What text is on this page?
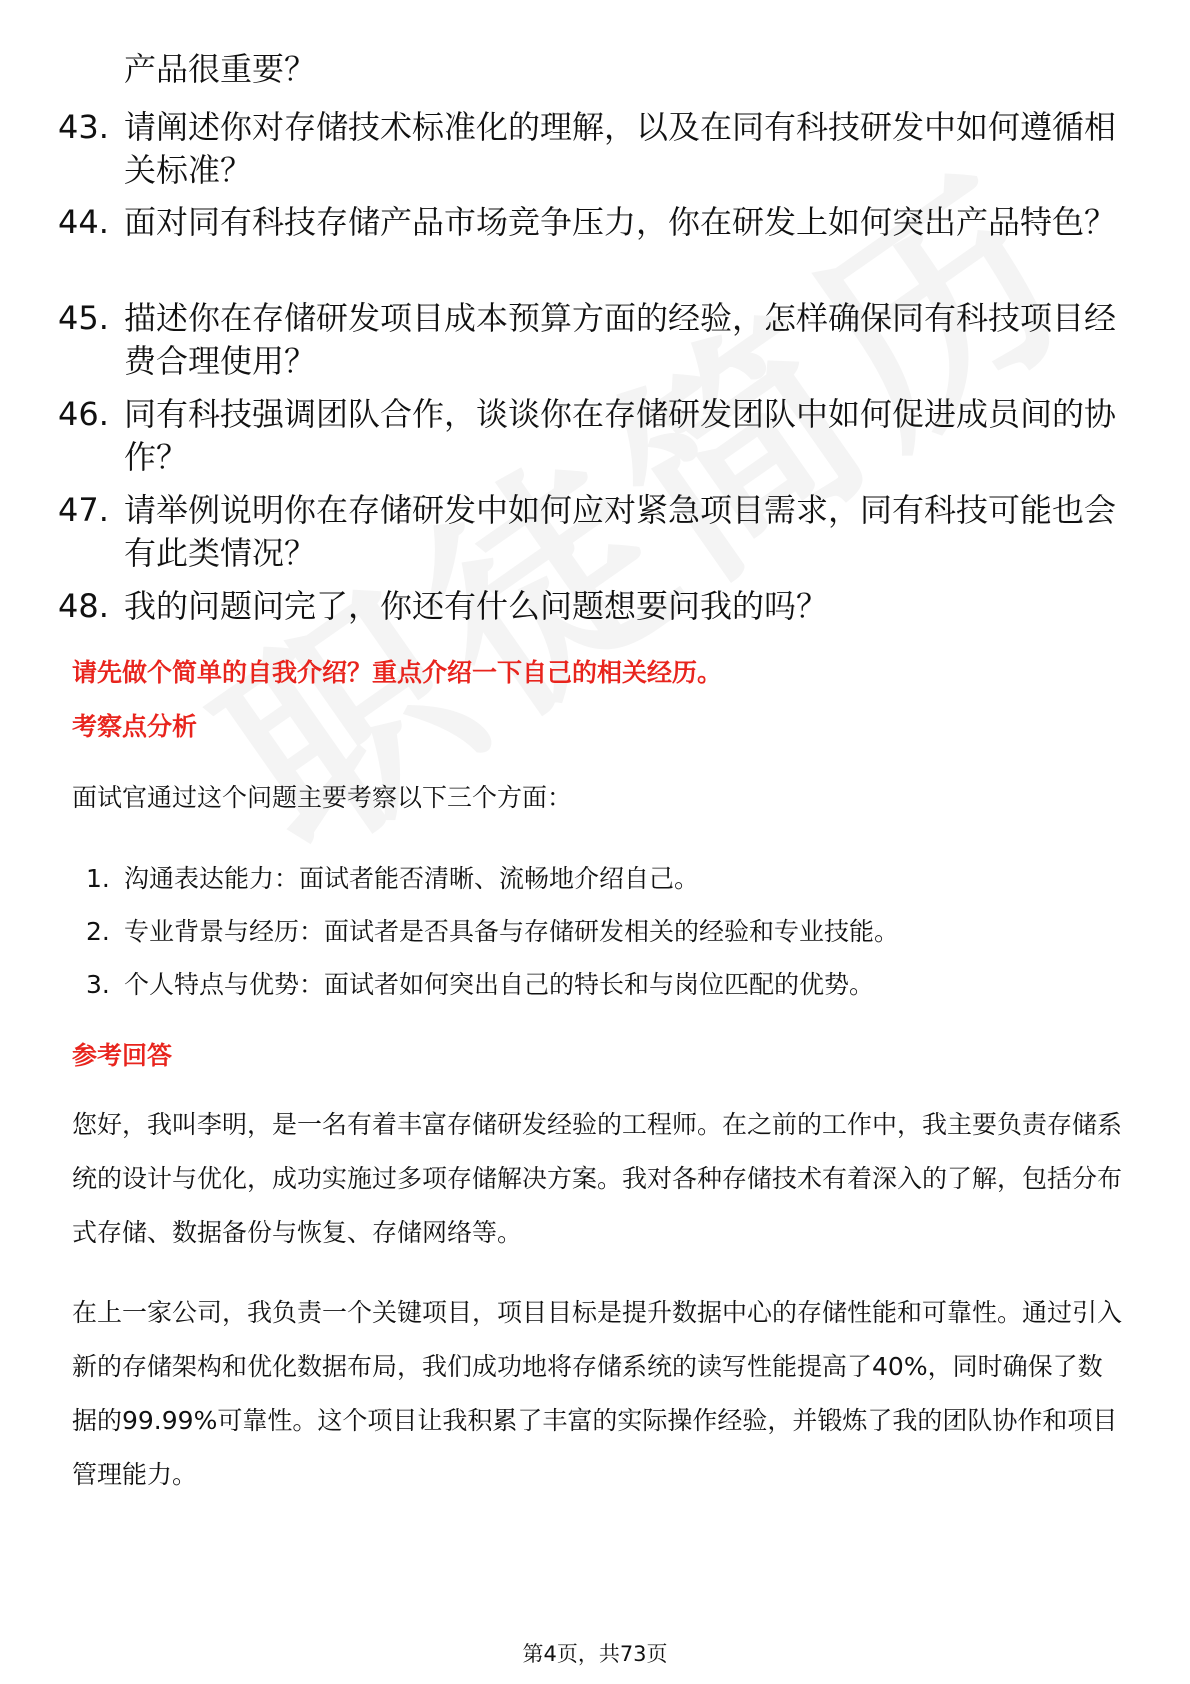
产品很重要？
43. 请阐述你对存储技术标准化的理解，以及在同有科技研发中如何遵循相关标准？
44. 面对同有科技存储产品市场竞争压力，你在研发上如何突出产品特色？
45. 描述你在存储研发项目成本预算方面的经验，怎样确保同有科技项目经费合理使用？
46. 同有科技强调团队合作，谈谈你在存储研发团队中如何促进成员间的协作？
47. 请举例说明你在存储研发中如何应对紧急项目需求，同有科技可能也会有此类情况？
48. 我的问题问完了，你还有什么问题想要问我的吗？
请先做个简单的自我介绍？重点介绍一下自己的相关经历。
考察点分析
面试官通过这个问题主要考察以下三个方面：
1. 沟通表达能力：面试者能否清晰、流畅地介绍自己。
2. 专业背景与经历：面试者是否具备与存储研发相关的经验和专业技能。
3. 个人特点与优势：面试者如何突出自己的特长和与岗位匹配的优势。
参考回答
您好，我叫李明，是一名有着丰富存储研发经验的工程师。在之前的工作中，我主要负责存储系统的设计与优化，成功实施过多项存储解决方案。我对各种存储技术有着深入的了解，包括分布式存储、数据备份与恢复、存储网络等。
在上一家公司，我负责一个关键项目，项目目标是提升数据中心的存储性能和可靠性。通过引入新的存储架构和优化数据布局，我们成功地将存储系统的读写性能提高了40%，同时确保了数据的99.99%可靠性。这个项目让我积累了丰富的实际操作经验，并锻炼了我的团队协作和项目管理能力。
第4页，共73页
